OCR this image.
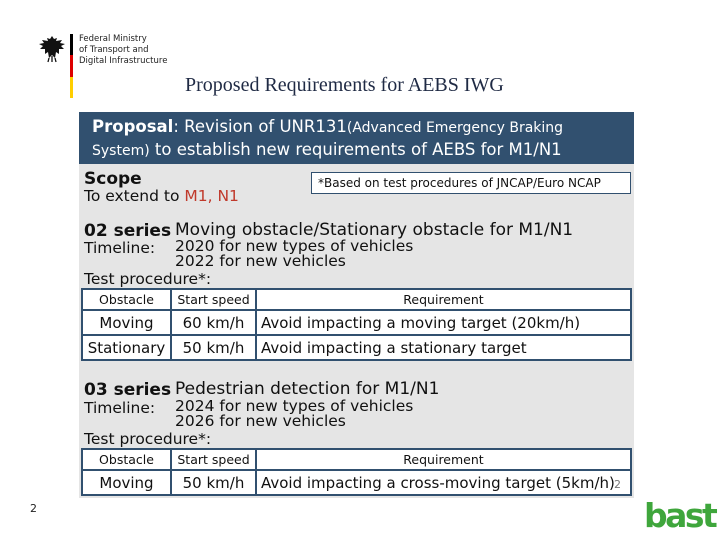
Federal Ministry
of Transport and
Digital Infrastructure
Proposed Requirements for AEBS IWG
Proposal: Revision of UNR131(Advanced Emergency Braking
System) to establish new requirements of AEBS for M1/N1
Scope
To extend to M1, N1
*Based on test procedures of JNCAP/Euro NCAP
02 series Moving obstacle/Stationary obstacle for M1/N1
Timeline: 2020 for new types of vehicles
2022 for new vehicles
Test procedure*:
Obstacle	Start speed	Requirement
Moving	60 km/h	Avoid impacting a moving target (20km/h)
Stationary	50 km/h	Avoid impacting a stationary target
03 series Pedestrian detection for M1/N1
Timeline: 2024 for new types of vehicles
2026 for new vehicles
Test procedure*:
Obstacle	Start speed	Requirement
Moving	50 km/h	Avoid impacting a cross-moving target (5km/h) 2
2	bast
